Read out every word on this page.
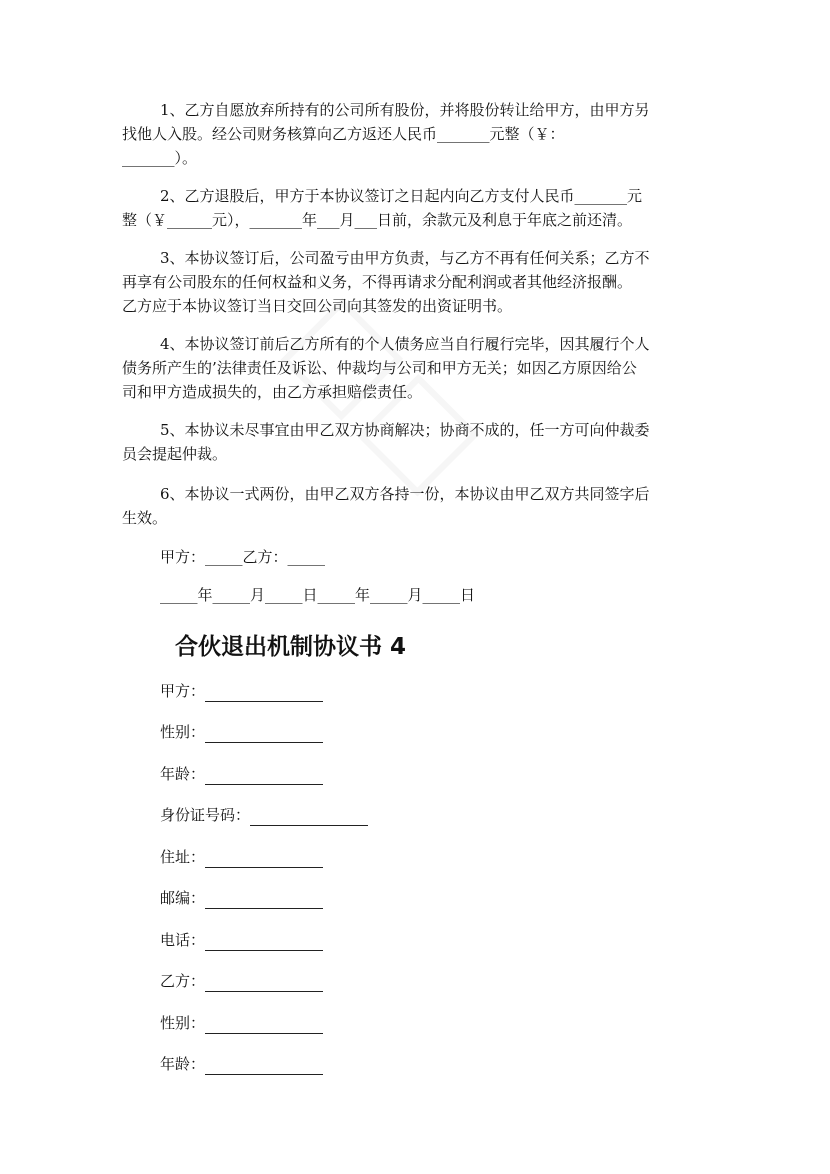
1、乙方自愿放弃所持有的公司所有股份，并将股份转让给甲方，由甲方另
找他人入股。经公司财务核算向乙方返还人民币_______元整（￥：
_______）。
2、乙方退股后，甲方于本协议签订之日起内向乙方支付人民币_______元
整（￥______元），_______年___月___日前，余款元及利息于年底之前还清。
3、本协议签订后，公司盈亏由甲方负责，与乙方不再有任何关系；乙方不
再享有公司股东的任何权益和义务，不得再请求分配利润或者其他经济报酬。
乙方应于本协议签订当日交回公司向其签发的出资证明书。
4、本协议签订前后乙方所有的个人债务应当自行履行完毕，因其履行个人
债务所产生的’法律责任及诉讼、仲裁均与公司和甲方无关；如因乙方原因给公
司和甲方造成损失的，由乙方承担赔偿责任。
5、本协议未尽事宜由甲乙双方协商解决；协商不成的，任一方可向仲裁委
员会提起仲裁。
6、本协议一式两份，由甲乙双方各持一份，本协议由甲乙双方共同签字后
生效。
甲方：_____乙方：_____
_____年_____月_____日_____年_____月_____日
合伙退出机制协议书 4
甲方：
性别：
年龄：
身份证号码：
住址：
邮编：
电话：
乙方：
性别：
年龄：
